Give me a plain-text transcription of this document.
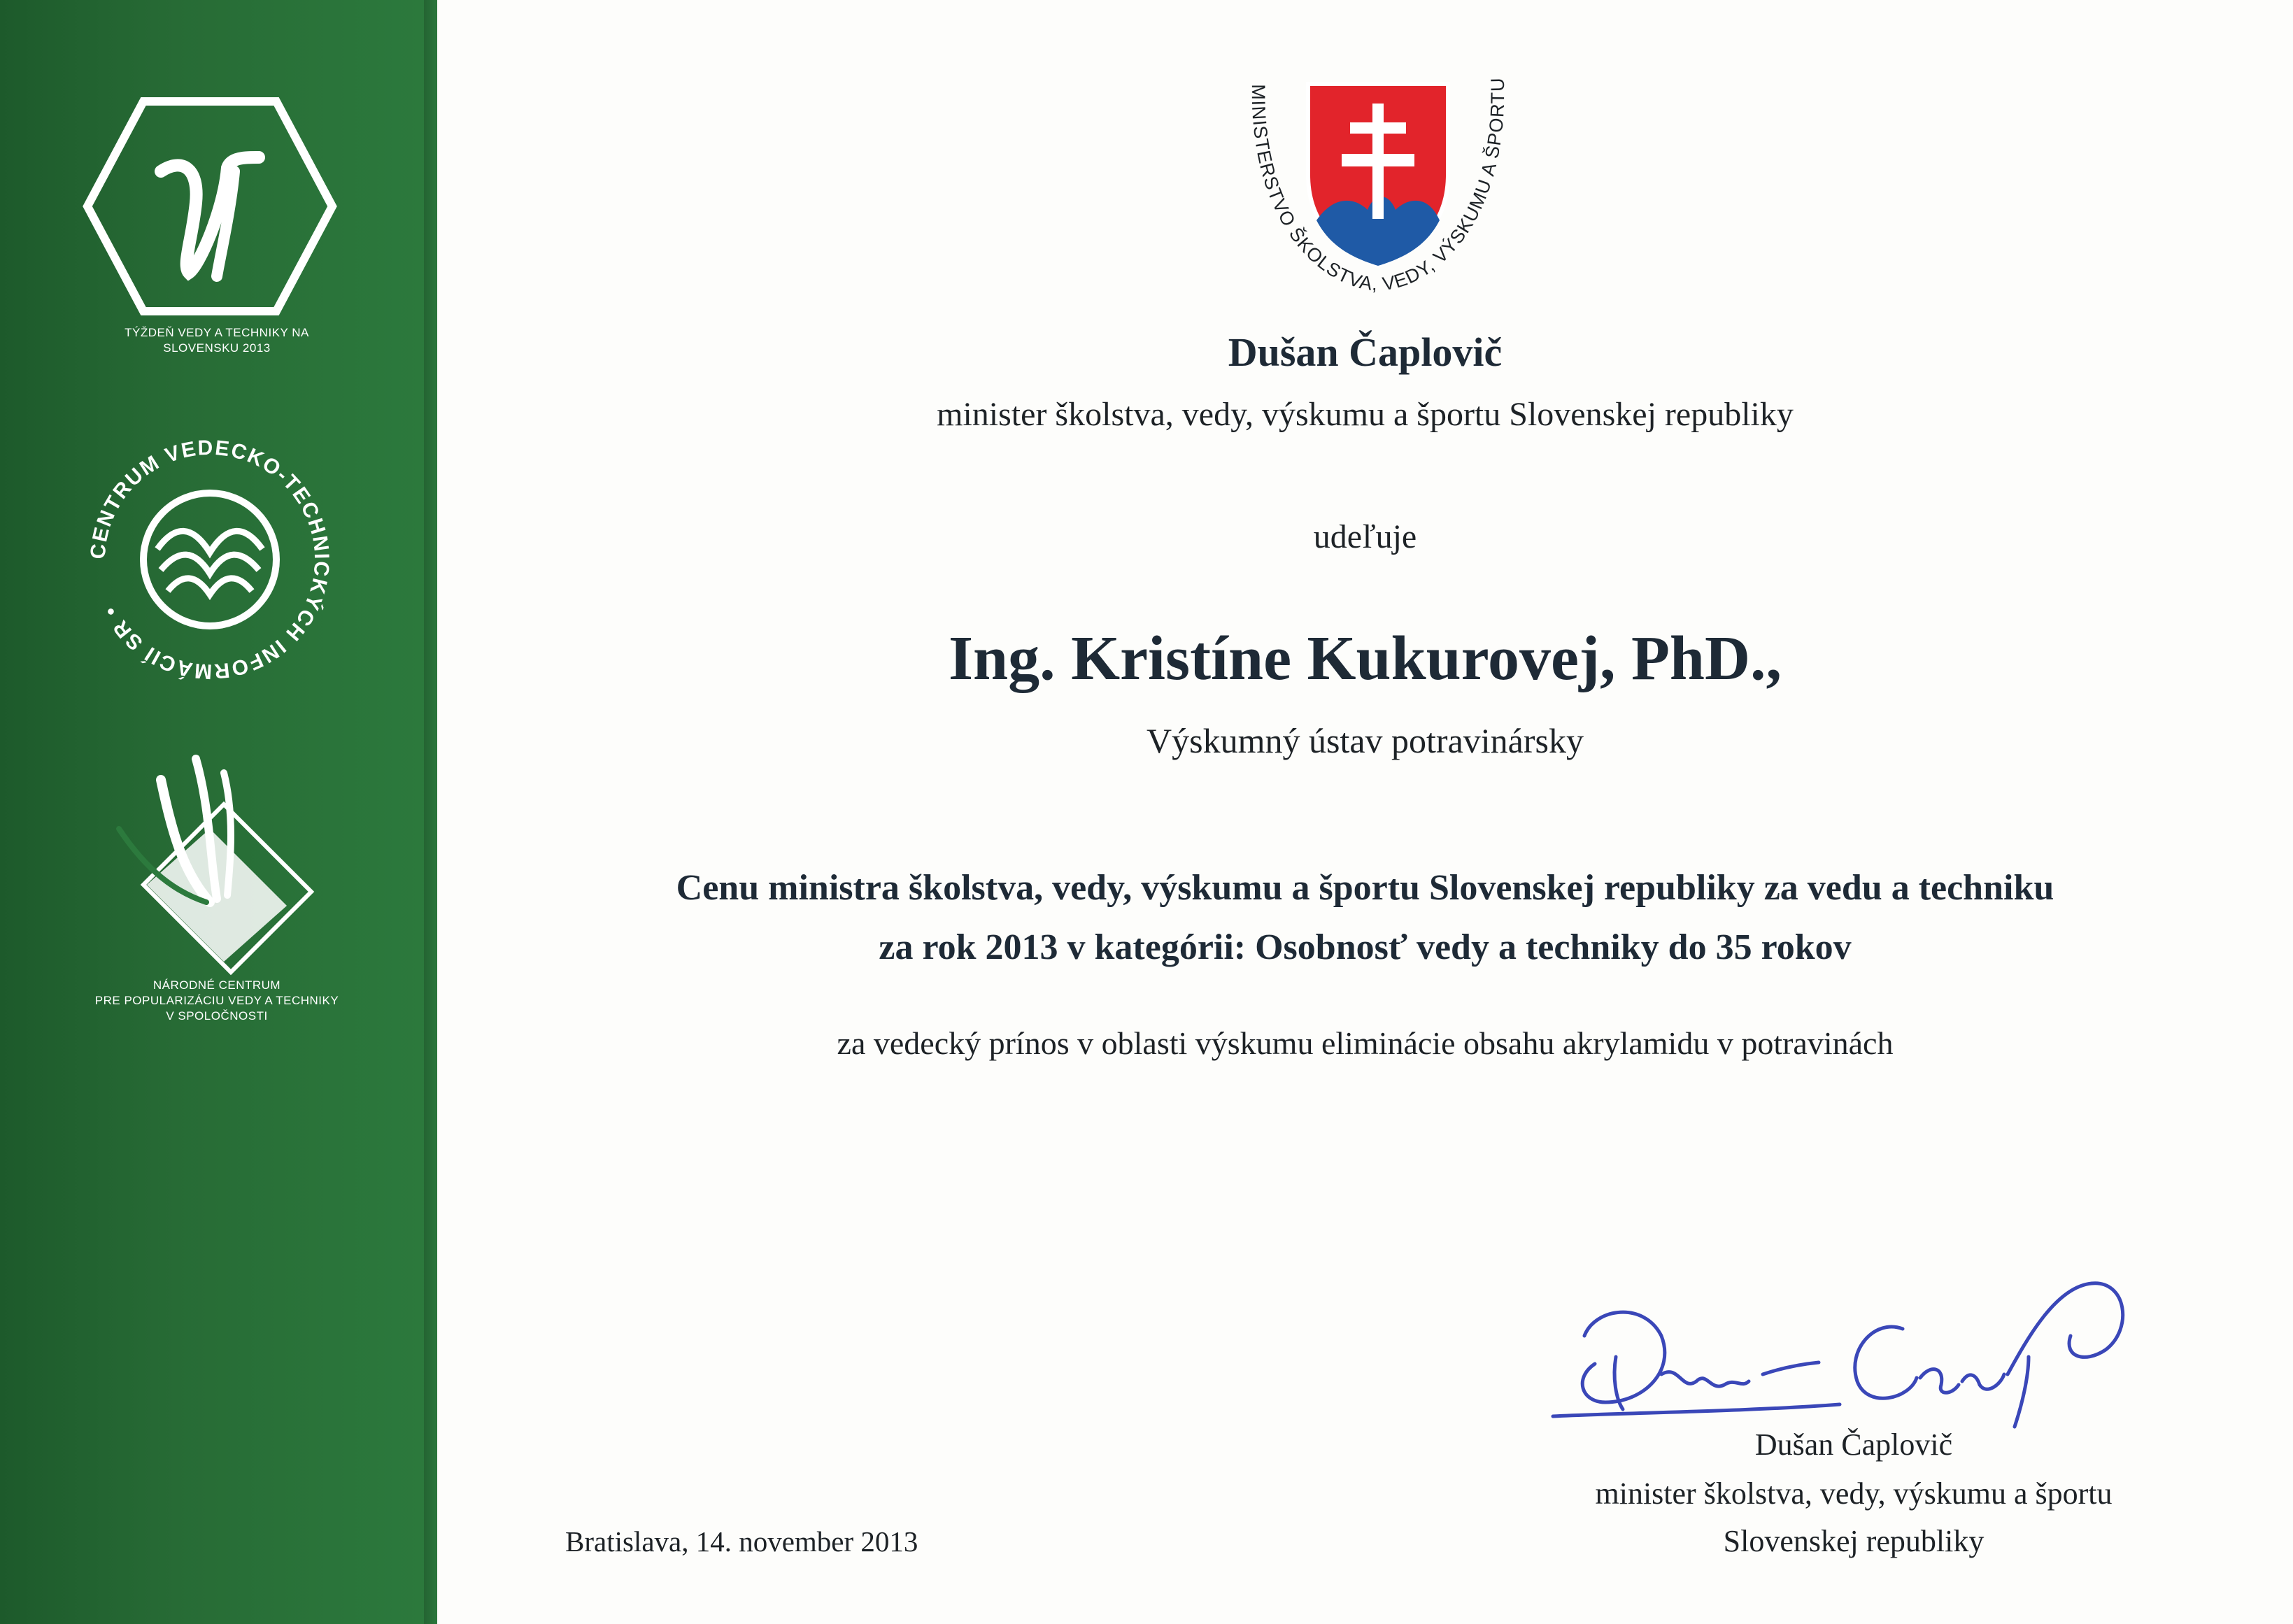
TÝŽDEŇ VEDY A TECHNIKY NA
SLOVENSKU 2013
CENTRUM VEDECKO-TECHNICKÝCH INFORMÁCIÍ SR •
NÁRODNÉ CENTRUM
PRE POPULARIZÁCIU VEDY A TECHNIKY
V SPOLOČNOSTI
MINISTERSTVO ŠKOLSTVA, VEDY, VÝSKUMU A ŠPORTU
Dušan Čaplovič
minister školstva, vedy, výskumu a športu Slovenskej republiky
udeľuje
Ing. Kristíne Kukurovej, PhD.,
Výskumný ústav potravinársky
Cenu ministra školstva, vedy, výskumu a športu Slovenskej republiky za vedu a techniku
za rok 2013 v kategórii: Osobnosť vedy a techniky do 35 rokov
za vedecký prínos v oblasti výskumu eliminácie obsahu akrylamidu v potravinách
Bratislava, 14. november 2013
Dušan Čaplovič
minister školstva, vedy, výskumu a športu
Slovenskej republiky
